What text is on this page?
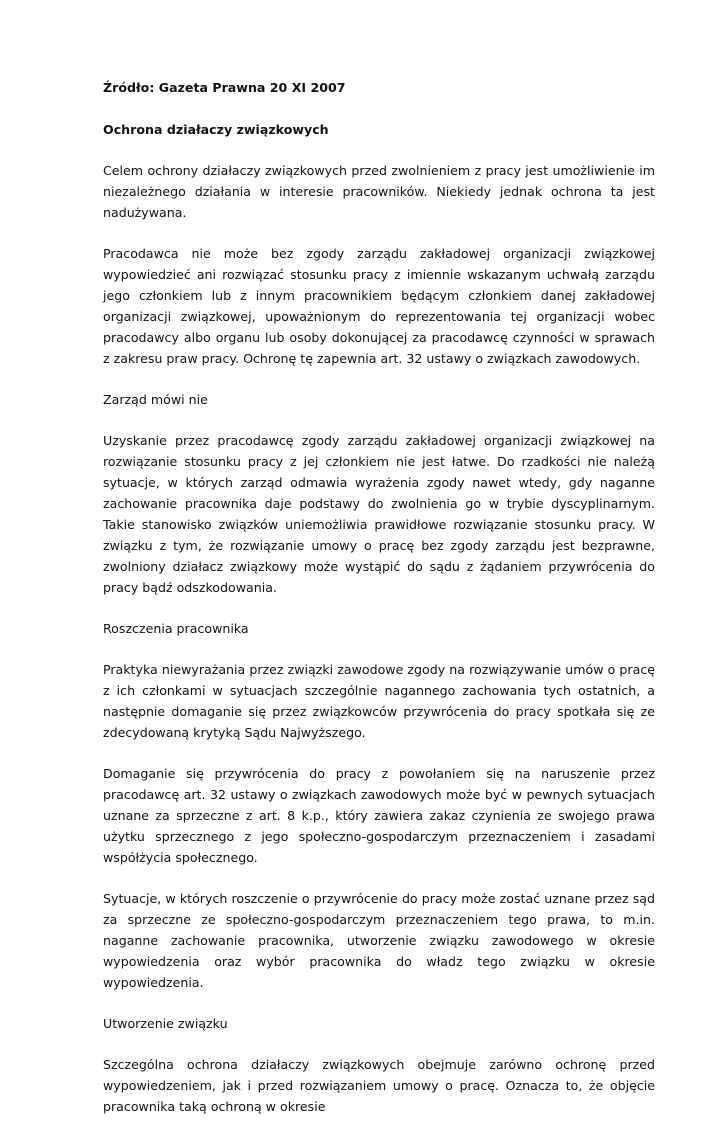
Źródło: Gazeta Prawna 20 XI 2007

Ochrona działaczy związkowych

Celem ochrony działaczy związkowych przed zwolnieniem z pracy jest umożliwienie im niezależnego działania w interesie pracowników. Niekiedy jednak ochrona ta jest nadużywana.

Pracodawca nie może bez zgody zarządu zakładowej organizacji związkowej wypowiedzieć ani rozwiązać stosunku pracy z imiennie wskazanym uchwałą zarządu jego członkiem lub z innym pracownikiem będącym członkiem danej zakładowej organizacji związkowej, upoważnionym do reprezentowania tej organizacji wobec pracodawcy albo organu lub osoby dokonującej za pracodawcę czynności w sprawach z zakresu praw pracy. Ochronę tę zapewnia art. 32 ustawy o związkach zawodowych.

Zarząd mówi nie

Uzyskanie przez pracodawcę zgody zarządu zakładowej organizacji związkowej na rozwiązanie stosunku pracy z jej członkiem nie jest łatwe. Do rzadkości nie należą sytuacje, w których zarząd odmawia wyrażenia zgody nawet wtedy, gdy naganne zachowanie pracownika daje podstawy do zwolnienia go w trybie dyscyplinarnym. Takie stanowisko związków uniemożliwia prawidłowe rozwiązanie stosunku pracy. W związku z tym, że rozwiązanie umowy o pracę bez zgody zarządu jest bezprawne, zwolniony działacz związkowy może wystąpić do sądu z żądaniem przywrócenia do pracy bądź odszkodowania.

Roszczenia pracownika

Praktyka niewyrażania przez związki zawodowe zgody na rozwiązywanie umów o pracę z ich członkami w sytuacjach szczególnie nagannego zachowania tych ostatnich, a następnie domaganie się przez związkowców przywrócenia do pracy spotkała się ze zdecydowaną krytyką Sądu Najwyższego.

Domaganie się przywrócenia do pracy z powołaniem się na naruszenie przez pracodawcę art. 32 ustawy o związkach zawodowych może być w pewnych sytuacjach uznane za sprzeczne z art. 8 k.p., który zawiera zakaz czynienia ze swojego prawa użytku sprzecznego z jego społeczno-gospodarczym przeznaczeniem i zasadami współżycia społecznego.

Sytuacje, w których roszczenie o przywrócenie do pracy może zostać uznane przez sąd za sprzeczne ze społeczno-gospodarczym przeznaczeniem tego prawa, to m.in. naganne zachowanie pracownika, utworzenie związku zawodowego w okresie wypowiedzenia oraz wybór pracownika do władz tego związku w okresie wypowiedzenia.

Utworzenie związku

Szczególna ochrona działaczy związkowych obejmuje zarówno ochronę przed wypowiedzeniem, jak i przed rozwiązaniem umowy o pracę. Oznacza to, że objęcie pracownika taką ochroną w okresie
